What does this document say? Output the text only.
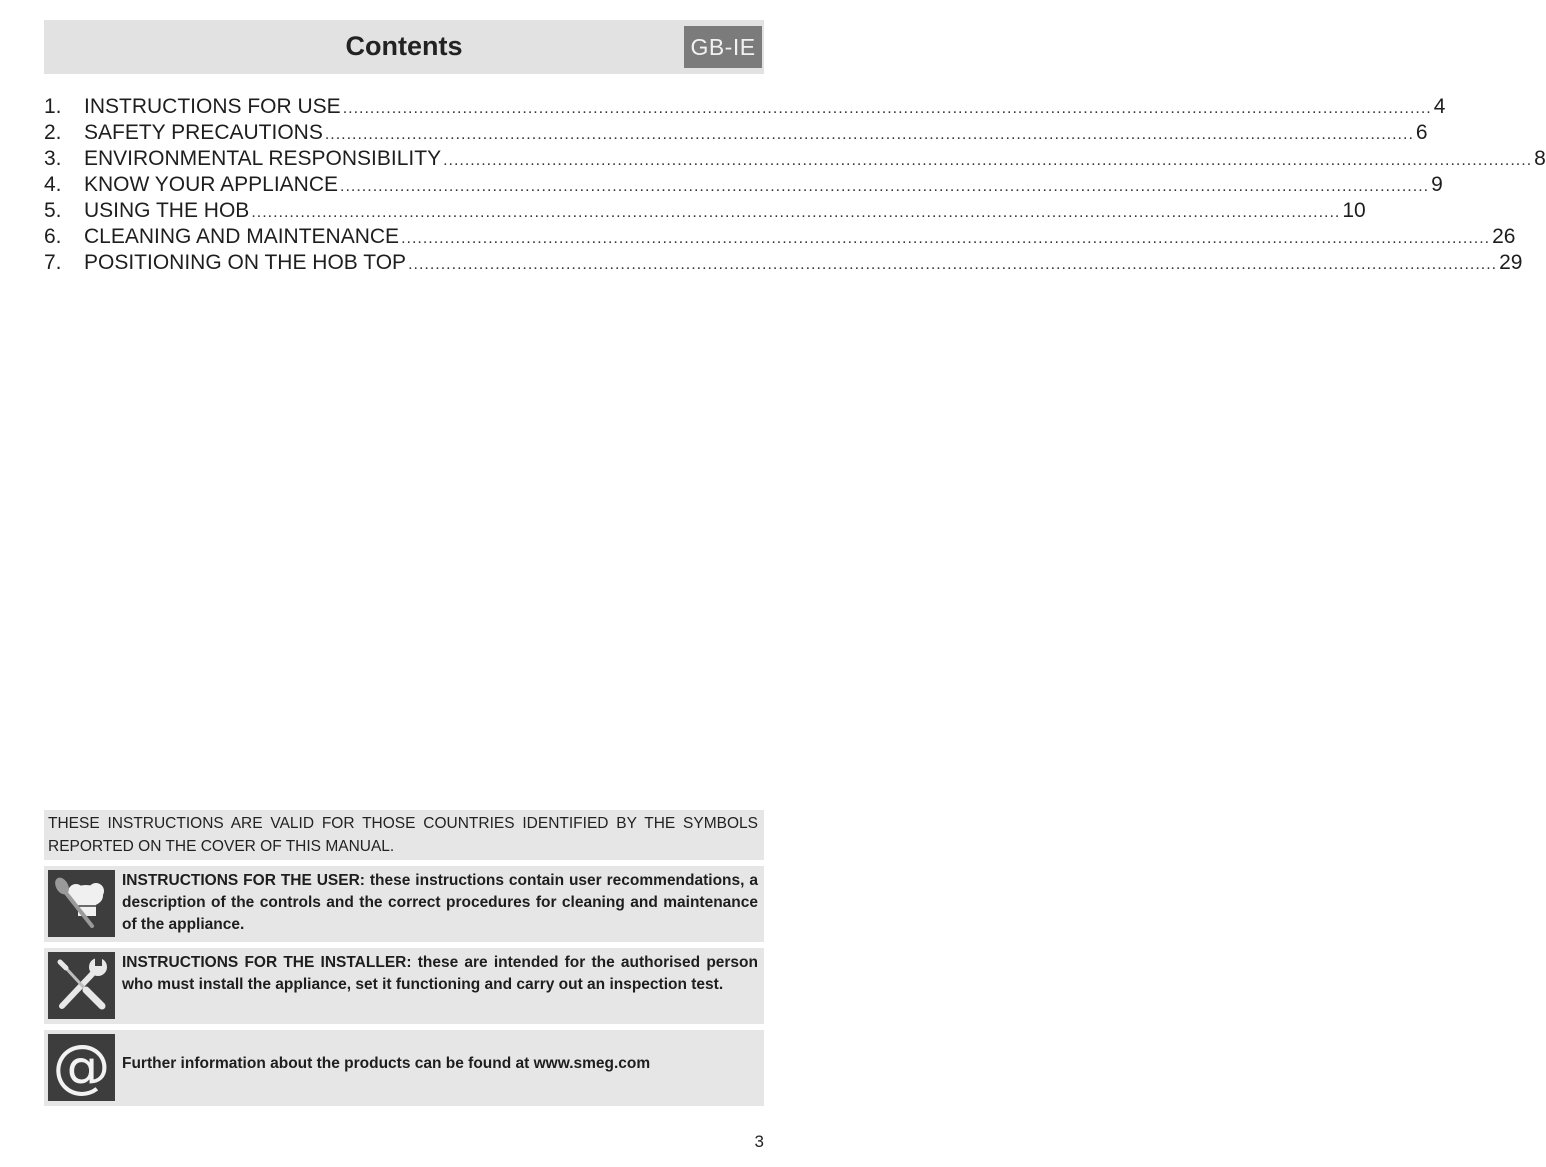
Contents	GB-IE
1.	INSTRUCTIONS FOR USE ........................................................................................................................................................................................................ 4
2.	SAFETY PRECAUTIONS ........................................................................................................................................................................................................ 6
3.	ENVIRONMENTAL RESPONSIBILITY ........................................................................................................................................................................................................ 8
4.	KNOW YOUR APPLIANCE ........................................................................................................................................................................................................ 9
5.	USING THE HOB ........................................................................................................................................................................................................ 10
6.	CLEANING AND MAINTENANCE ........................................................................................................................................................................................................ 26
7.	POSITIONING ON THE HOB TOP ........................................................................................................................................................................................................ 29
THESE INSTRUCTIONS ARE VALID FOR THOSE COUNTRIES IDENTIFIED BY THE SYMBOLS REPORTED ON THE COVER OF THIS MANUAL.
INSTRUCTIONS FOR THE USER: these instructions contain user recommendations, a description of the controls and the correct procedures for cleaning and maintenance of the appliance.
INSTRUCTIONS FOR THE INSTALLER: these are intended for the authorised person who must install the appliance, set it functioning and carry out an inspection test.
@ Further information about the products can be found at www.smeg.com
3
